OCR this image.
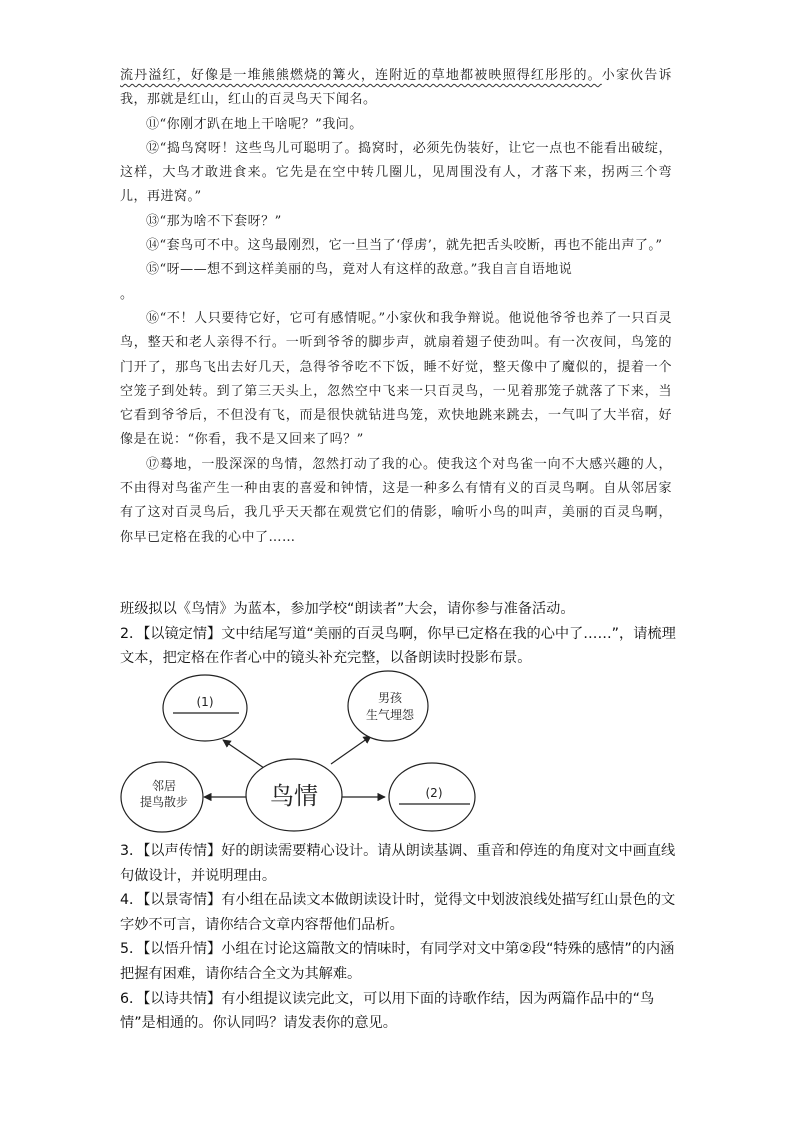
流丹溢红，好像是一堆熊熊燃烧的篝火，连附近的草地都被映照得红彤彤的。小家伙告诉我，那就是红山，红山的百灵鸟天下闻名。

⑪“你刚才趴在地上干啥呢？”我问。

⑫“捣鸟窝呀！这些鸟儿可聪明了。捣窝时，必须先伪装好，让它一点也不能看出破绽，这样，大鸟才敢进食来。它先是在空中转几圈儿，见周围没有人，才落下来，拐两三个弯儿，再进窝。”

⑬“那为啥不下套呀？”

⑭“套鸟可不中。这鸟最刚烈，它一旦当了‘俘虏’，就先把舌头咬断，再也不能出声了。”

⑮“呀——想不到这样美丽的鸟，竟对人有这样的敌意。”我自言自语地说

。

⑯“不！人只要待它好，它可有感情呢。”小家伙和我争辩说。他说他爷爷也养了一只百灵鸟，整天和老人亲得不行。一听到爷爷的脚步声，就扇着翅子使劲叫。有一次夜间，鸟笼的门开了，那鸟飞出去好几天，急得爷爷吃不下饭，睡不好觉，整天像中了魔似的，提着一个空笼子到处转。到了第三天头上，忽然空中飞来一只百灵鸟，一见着那笼子就落了下来，当它看到爷爷后，不但没有飞，而是很快就钻进鸟笼，欢快地跳来跳去，一气叫了大半宿，好像是在说：“你看，我不是又回来了吗？”

⑰蓦地，一股深深的鸟情，忽然打动了我的心。使我这个对鸟雀一向不大感兴趣的人，不由得对鸟雀产生一种由衷的喜爱和钟情，这是一种多么有情有义的百灵鸟啊。自从邻居家有了这对百灵鸟后，我几乎天天都在观赏它们的倩影，喻听小鸟的叫声，美丽的百灵鸟啊，你早已定格在我的心中了……

班级拟以《鸟情》为蓝本，参加学校“朗读者”大会，请你参与准备活动。

2．【以镜定情】文中结尾写道“美丽的百灵鸟啊，你早已定格在我的心中了……”，请梳理文本，把定格在作者心中的镜头补充完整，以备朗读时投影布景。

(1)	男孩
生气埋怨
鸟情
邻居
提鸟散步
(2)

3．【以声传情】好的朗读需要精心设计。请从朗读基调、重音和停连的角度对文中画直线句做设计，并说明理由。

4．【以景寄情】有小组在品读文本做朗读设计时，觉得文中划波浪线处描写红山景色的文字妙不可言，请你结合文章内容帮他们品析。

5．【以悟升情】小组在讨论这篇散文的情味时，有同学对文中第②段“特殊的感情”的内涵把握有困难，请你结合全文为其解难。

6．【以诗共情】有小组提议读完此文，可以用下面的诗歌作结，因为两篇作品中的“鸟情”是相通的。你认同吗？请发表你的意见。
